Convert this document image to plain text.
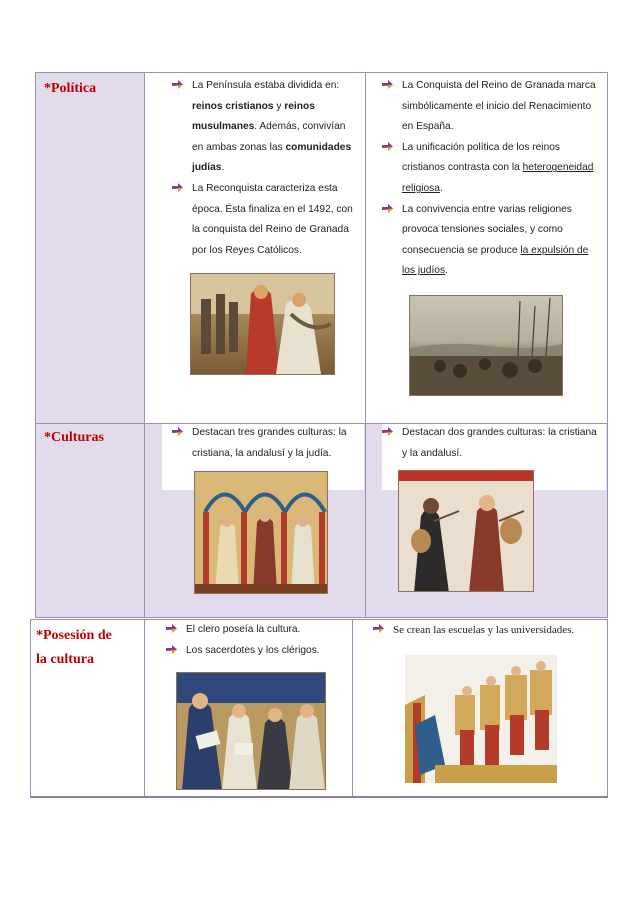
*Política	La Península estaba dividida en: reinos cristianos y reinos musulmanes. Además, convivían en ambas zonas las comunidades judías.
La Reconquista caracteriza esta época. Ésta finaliza en el 1492, con la conquista del Reino de Granada por los Reyes Católicos.
La Conquista del Reino de Granada marca simbólicamente el inicio del Renacimiento en España.
La unificación política de los reinos cristianos contrasta con la heterogeneidad religiosa.
La convivencia entre varias religiones provoca tensiones sociales, y como consecuencia se produce la expulsión de los judíos.
*Culturas	Destacan tres grandes culturas: la cristiana, la andalusí y la judía.
Destacan dos grandes culturas: la cristiana y la andalusí.
*Posesión de
la cultura
El clero poseía la cultura.
Los sacerdotes y los clérigos.
Se crean las escuelas y las universidades.
